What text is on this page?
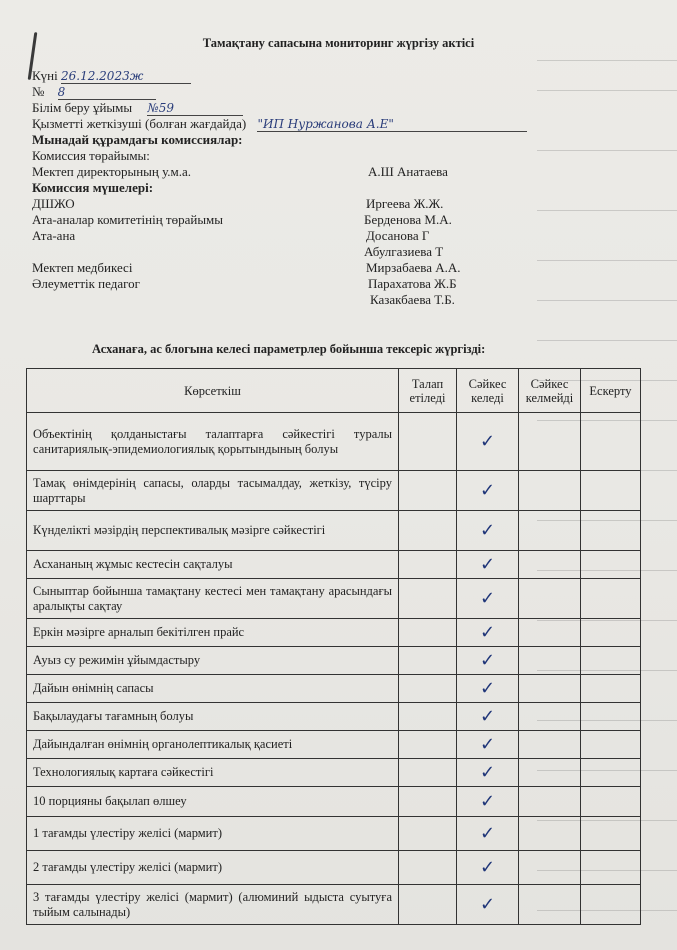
Тамақтану сапасына мониторинг жүргізу актісі
Күні 26.12.2023ж
№ 8
Білім беру ұйымы №59
Қызметті жеткізуші (болған жағдайда) "ИП Нуржанова А.Е"
Мынадай құрамдағы комиссиялар:
Комиссия төрайымы:
Мектеп директорының у.м.а.	А.Ш Анатаева
Комиссия мүшелері:
ДШЖО	Иргеева Ж.Ж.
Ата-аналар комитетінің төрайымы	Берденова М.А.
Ата-ана	Досанова Г
Абулгазиева Т
Мектеп медбикесі	Мирзабаева А.А.
Әлеуметтік педагог	Парахатова Ж.Б
Казакбаева Т.Б.
Асханаға, ас блогына келесі параметрлер бойынша тексеріс жүргізді:
Көрсеткіш	Талап етіледі	Сәйкес келеді	Сәйкес келмейді	Ескерту
Объектінің қолданыстағы талаптарға сәйкестігі туралы санитариялық-эпидемиологиялық қорытындының болуы		✓		

Тамақ өнімдерінің сапасы, оларды тасымалдау, жеткізу, түсіру шарттары		✓		

Күнделікті мәзірдің перспективалық мәзірге сәйкестігі		✓		

Асхананың жұмыс кестесін сақталуы		✓		

Сыныптар бойынша тамақтану кестесі мен тамақтану арасындағы аралықты сақтау		✓		

Еркін мәзірге арналып бекітілген прайс		✓		

Ауыз су режимін ұйымдастыру		✓		

Дайын өнімнің сапасы		✓		

Бақылаудағы тағамның болуы		✓		

Дайындалған өнімнің органолептикалық қасиеті		✓		

Технологиялық картаға сәйкестігі		✓		

10 порцияны бақылап өлшеу		✓		

1 тағамды үлестіру желісі (мармит)		✓		

2 тағамды үлестіру желісі (мармит)		✓		

3 тағамды үлестіру желісі (мармит) (алюминий ыдыста суытуға тыйым салынады)		✓		
